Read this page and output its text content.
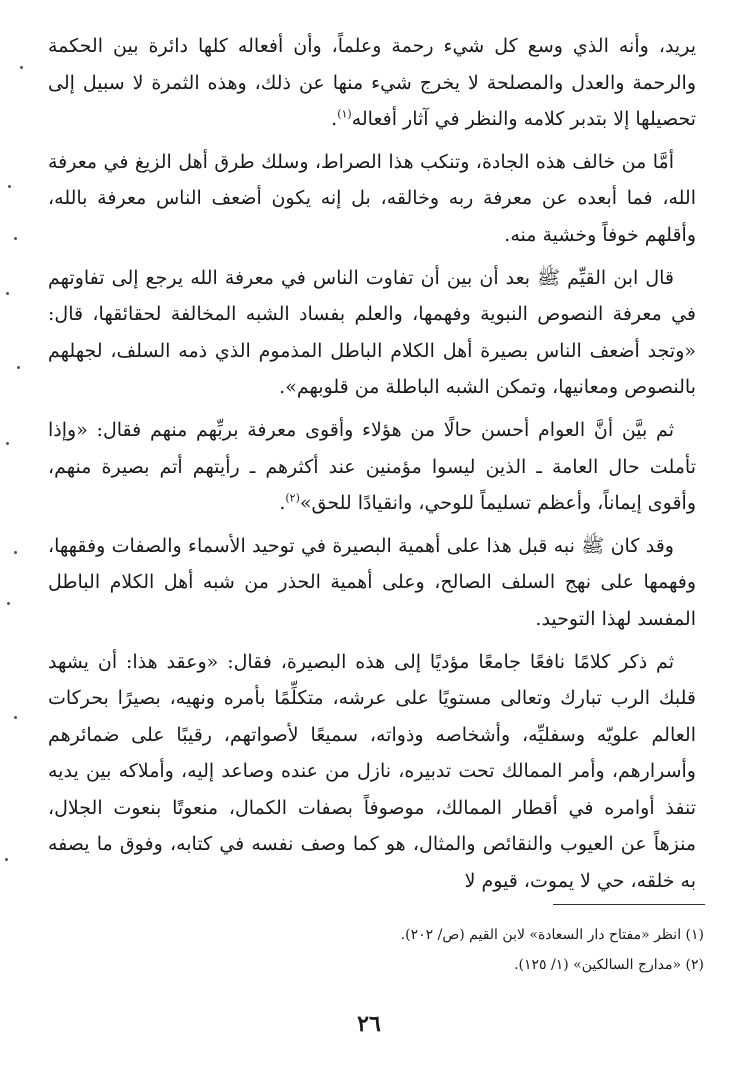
يريد، وأنه الذي وسع كل شيء رحمة وعلماً، وأن أفعاله كلها دائرة بين الحكمة والرحمة والعدل والمصلحة لا يخرج شيء منها عن ذلك، وهذه الثمرة لا سبيل إلى تحصيلها إلا بتدبر كلامه والنظر في آثار أفعاله$^{(١)}$.

أمَّا من خالف هذه الجادة، وتنكب هذا الصراط، وسلك طرق أهل الزيغ في معرفة الله، فما أبعده عن معرفة ربه وخالقه، بل إنه يكون أضعف الناس معرفة بالله، وأقلهم خوفاً وخشية منه.

قال ابن القيِّم ﷺ بعد أن بين أن تفاوت الناس في معرفة الله يرجع إلى تفاوتهم في معرفة النصوص النبوية وفهمها، والعلم بفساد الشبه المخالفة لحقائقها، قال: «وتجد أضعف الناس بصيرة أهل الكلام الباطل المذموم الذي ذمه السلف، لجهلهم بالنصوص ومعانيها، وتمكن الشبه الباطلة من قلوبهم».

ثم بيَّن أنَّ العوام أحسن حالًا من هؤلاء وأقوى معرفة بربِّهم منهم فقال: «وإذا تأملت حال العامة ـ الذين ليسوا مؤمنين عند أكثرهم ـ رأيتهم أتم بصيرة منهم، وأقوى إيماناً، وأعظم تسليماً للوحي، وانقيادًا للحق»$^{(٢)}$.

وقد كان ﷺ نبه قبل هذا على أهمية البصيرة في توحيد الأسماء والصفات وفقهها، وفهمها على نهج السلف الصالح، وعلى أهمية الحذر من شبه أهل الكلام الباطل المفسد لهذا التوحيد.

ثم ذكر كلامًا نافعًا جامعًا مؤديًا إلى هذه البصيرة، فقال: «وعقد هذا: أن يشهد قلبك الرب تبارك وتعالى مستويًا على عرشه، متكلِّمًا بأمره ونهيه، بصيرًا بحركات العالم علويّه وسفليِّه، وأشخاصه وذواته، سميعًا لأصواتهم، رقيبًا على ضمائرهم وأسرارهم، وأمر الممالك تحت تدبيره، نازل من عنده وصاعد إليه، وأملاكه بين يديه تنفذ أوامره في أقطار الممالك، موصوفاً بصفات الكمال، منعوتًا بنعوت الجلال، منزهاً عن العيوب والنقائص والمثال، هو كما وصف نفسه في كتابه، وفوق ما يصفه به خلقه، حي لا يموت، قيوم لا

(١) انظر «مفتاح دار السعادة» لابن القيم (ص/ ٢٠٢).

(٢) «مدارج السالكين» (١/ ١٢٥).

٢٦
